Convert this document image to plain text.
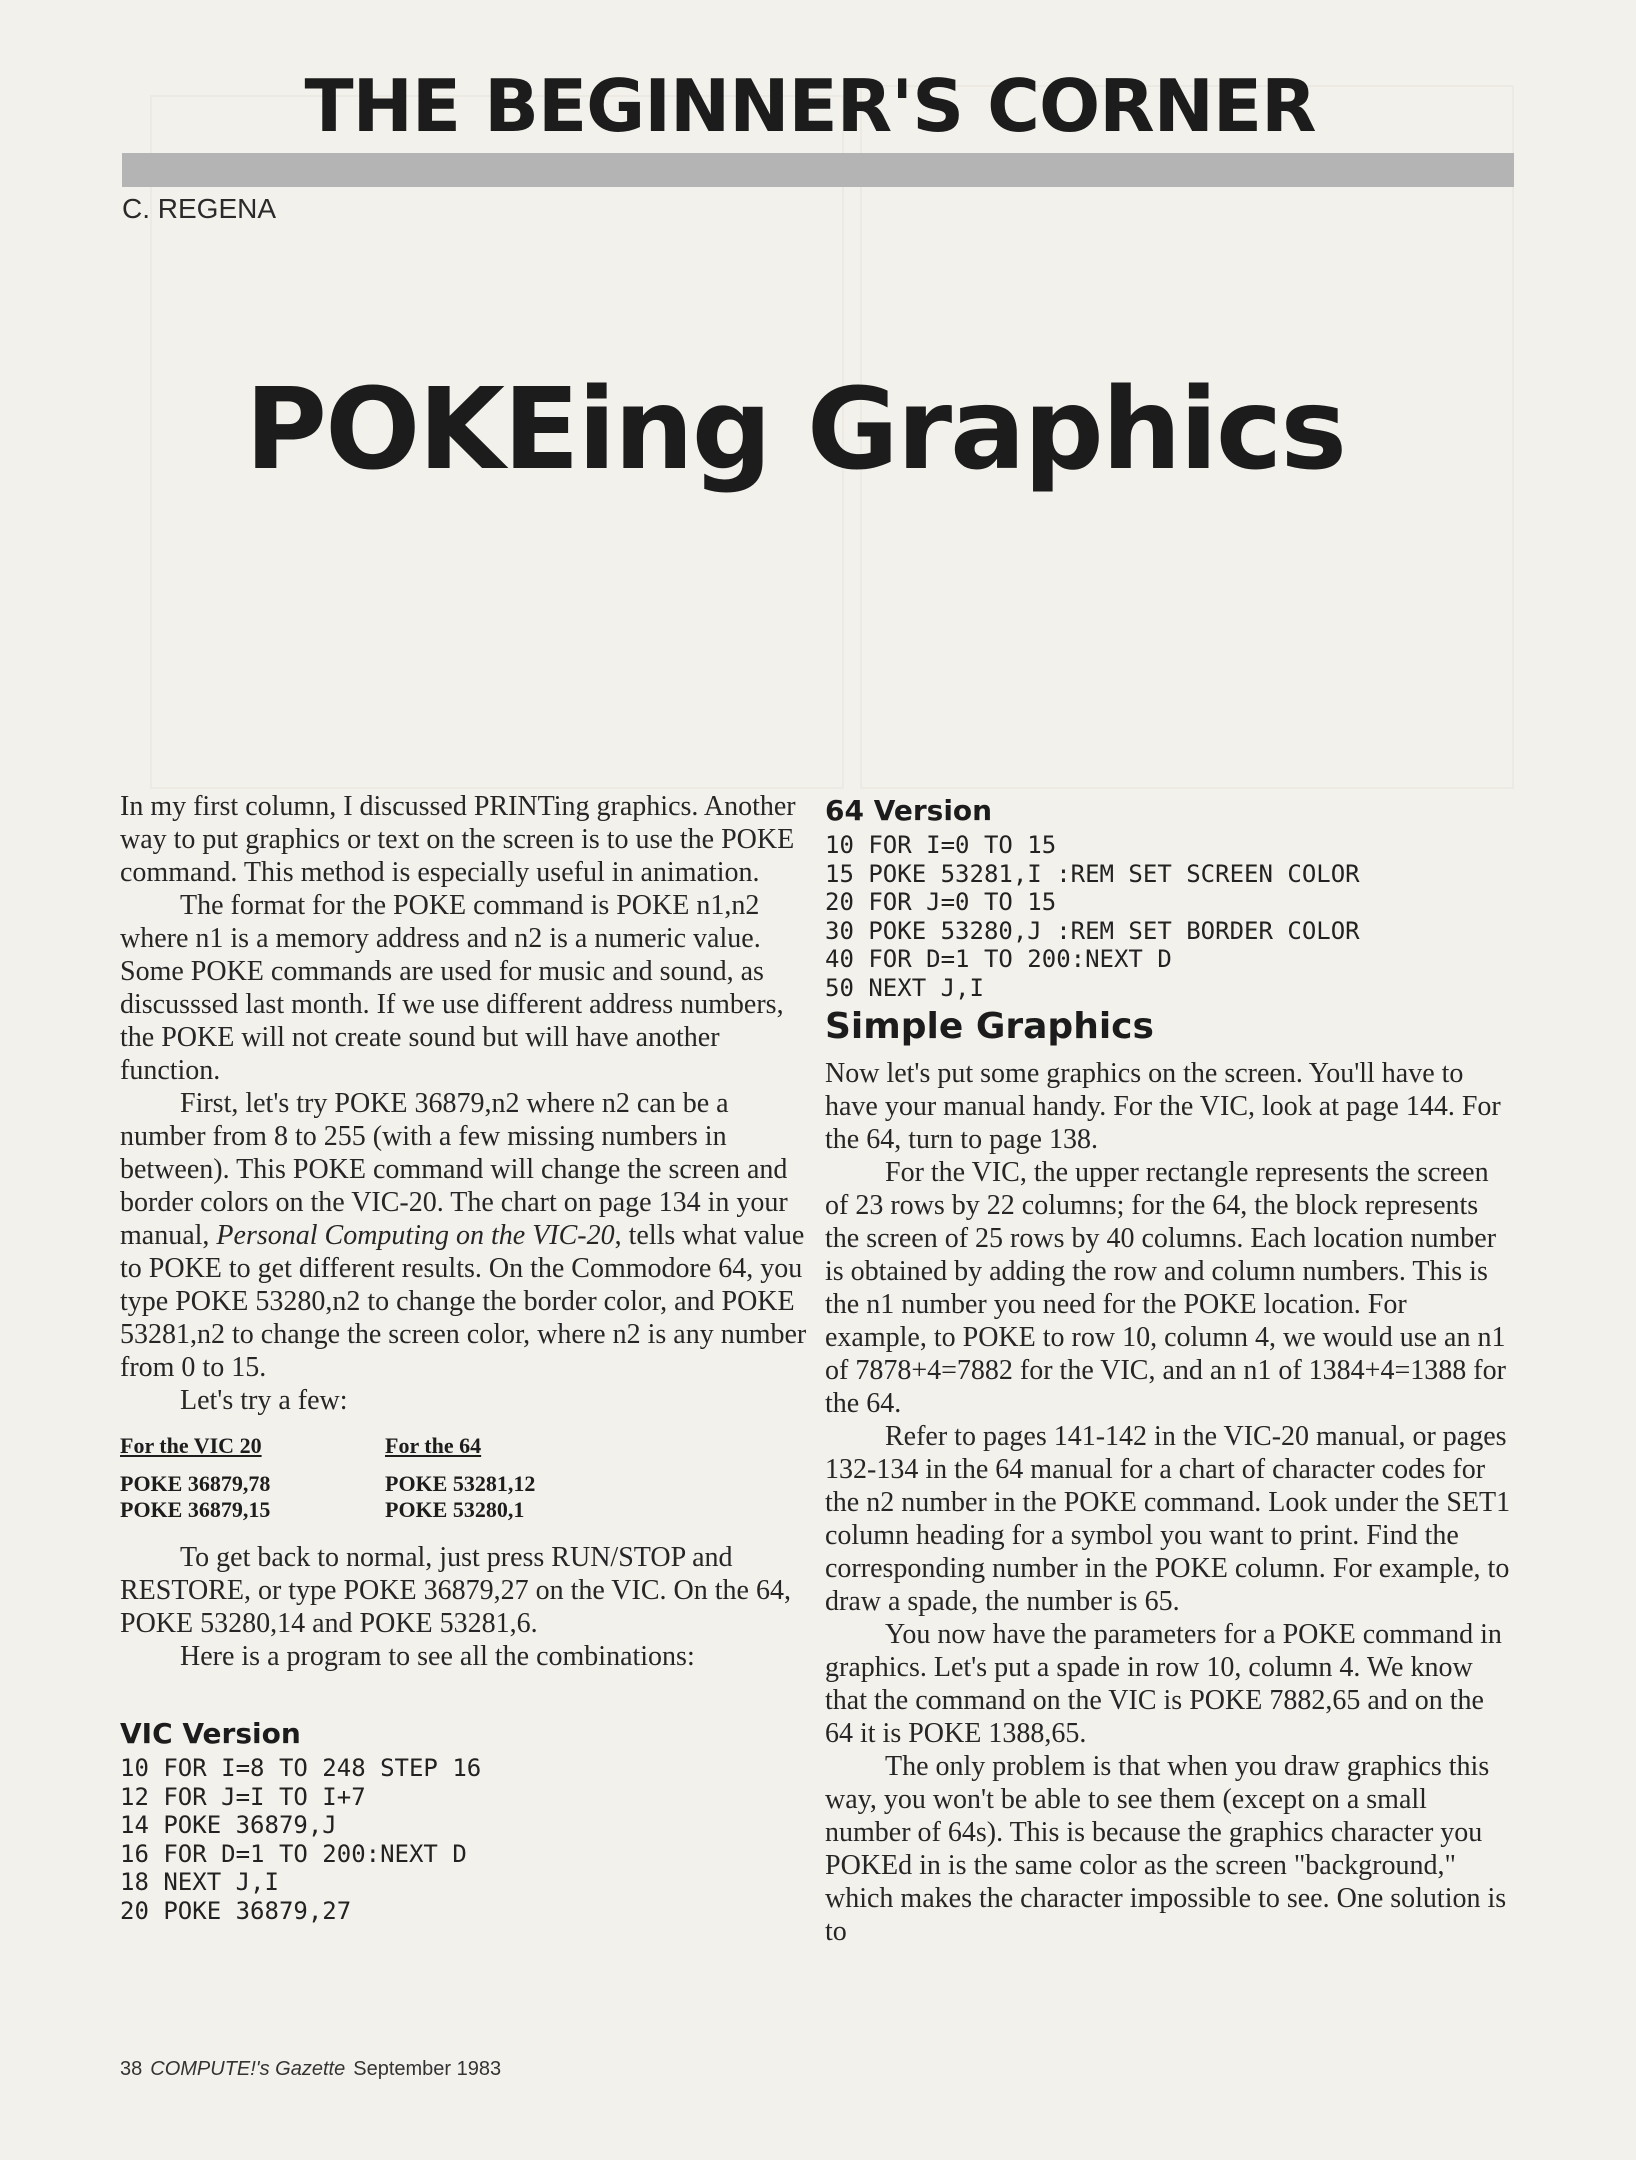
THE BEGINNER'S CORNER
C. REGENA
POKEing Graphics

In my first column, I discussed PRINTing graphics. Another way to put graphics or text on the screen is to use the POKE command. This method is especially useful in animation.

The format for the POKE command is POKE n1,n2 where n1 is a memory address and n2 is a numeric value. Some POKE commands are used for music and sound, as discusssed last month. If we use different address numbers, the POKE will not create sound but will have another function.

First, let's try POKE 36879,n2 where n2 can be a number from 8 to 255 (with a few missing numbers in between). This POKE command will change the screen and border colors on the VIC-20. The chart on page 134 in your manual, Personal Computing on the VIC-20, tells what value to POKE to get different results. On the Commodore 64, you type POKE 53280,n2 to change the border color, and POKE 53281,n2 to change the screen color, where n2 is any number from 0 to 15.

Let's try a few:

For the VIC 20
POKE 36879,78
POKE 36879,15
For the 64
POKE 53281,12
POKE 53280,1

To get back to normal, just press RUN/STOP and RESTORE, or type POKE 36879,27 on the VIC. On the 64, POKE 53280,14 and POKE 53281,6.

Here is a program to see all the combinations:

VIC Version
10 FOR I=8 TO 248 STEP 16
12 FOR J=I TO I+7
14 POKE 36879,J
16 FOR D=1 TO 200:NEXT D
18 NEXT J,I
20 POKE 36879,27
64 Version
10 FOR I=0 TO 15
15 POKE 53281,I :REM SET SCREEN COLOR
20 FOR J=0 TO 15
30 POKE 53280,J :REM SET BORDER COLOR
40 FOR D=1 TO 200:NEXT D
50 NEXT J,I
Simple Graphics

Now let's put some graphics on the screen. You'll have to have your manual handy. For the VIC, look at page 144. For the 64, turn to page 138.

For the VIC, the upper rectangle represents the screen of 23 rows by 22 columns; for the 64, the block represents the screen of 25 rows by 40 columns. Each location number is obtained by adding the row and column numbers. This is the n1 number you need for the POKE location. For example, to POKE to row 10, column 4, we would use an n1 of 7878+4=7882 for the VIC, and an n1 of 1384+4=1388 for the 64.

Refer to pages 141-142 in the VIC-20 manual, or pages 132-134 in the 64 manual for a chart of character codes for the n2 number in the POKE command. Look under the SET1 column heading for a symbol you want to print. Find the corresponding number in the POKE column. For example, to draw a spade, the number is 65.

You now have the parameters for a POKE command in graphics. Let's put a spade in row 10, column 4. We know that the command on the VIC is POKE 7882,65 and on the 64 it is POKE 1388,65.

The only problem is that when you draw graphics this way, you won't be able to see them (except on a small number of 64s). This is because the graphics character you POKEd in is the same color as the screen "background," which makes the character impossible to see. One solution is to

38 COMPUTE!'s Gazette September 1983
